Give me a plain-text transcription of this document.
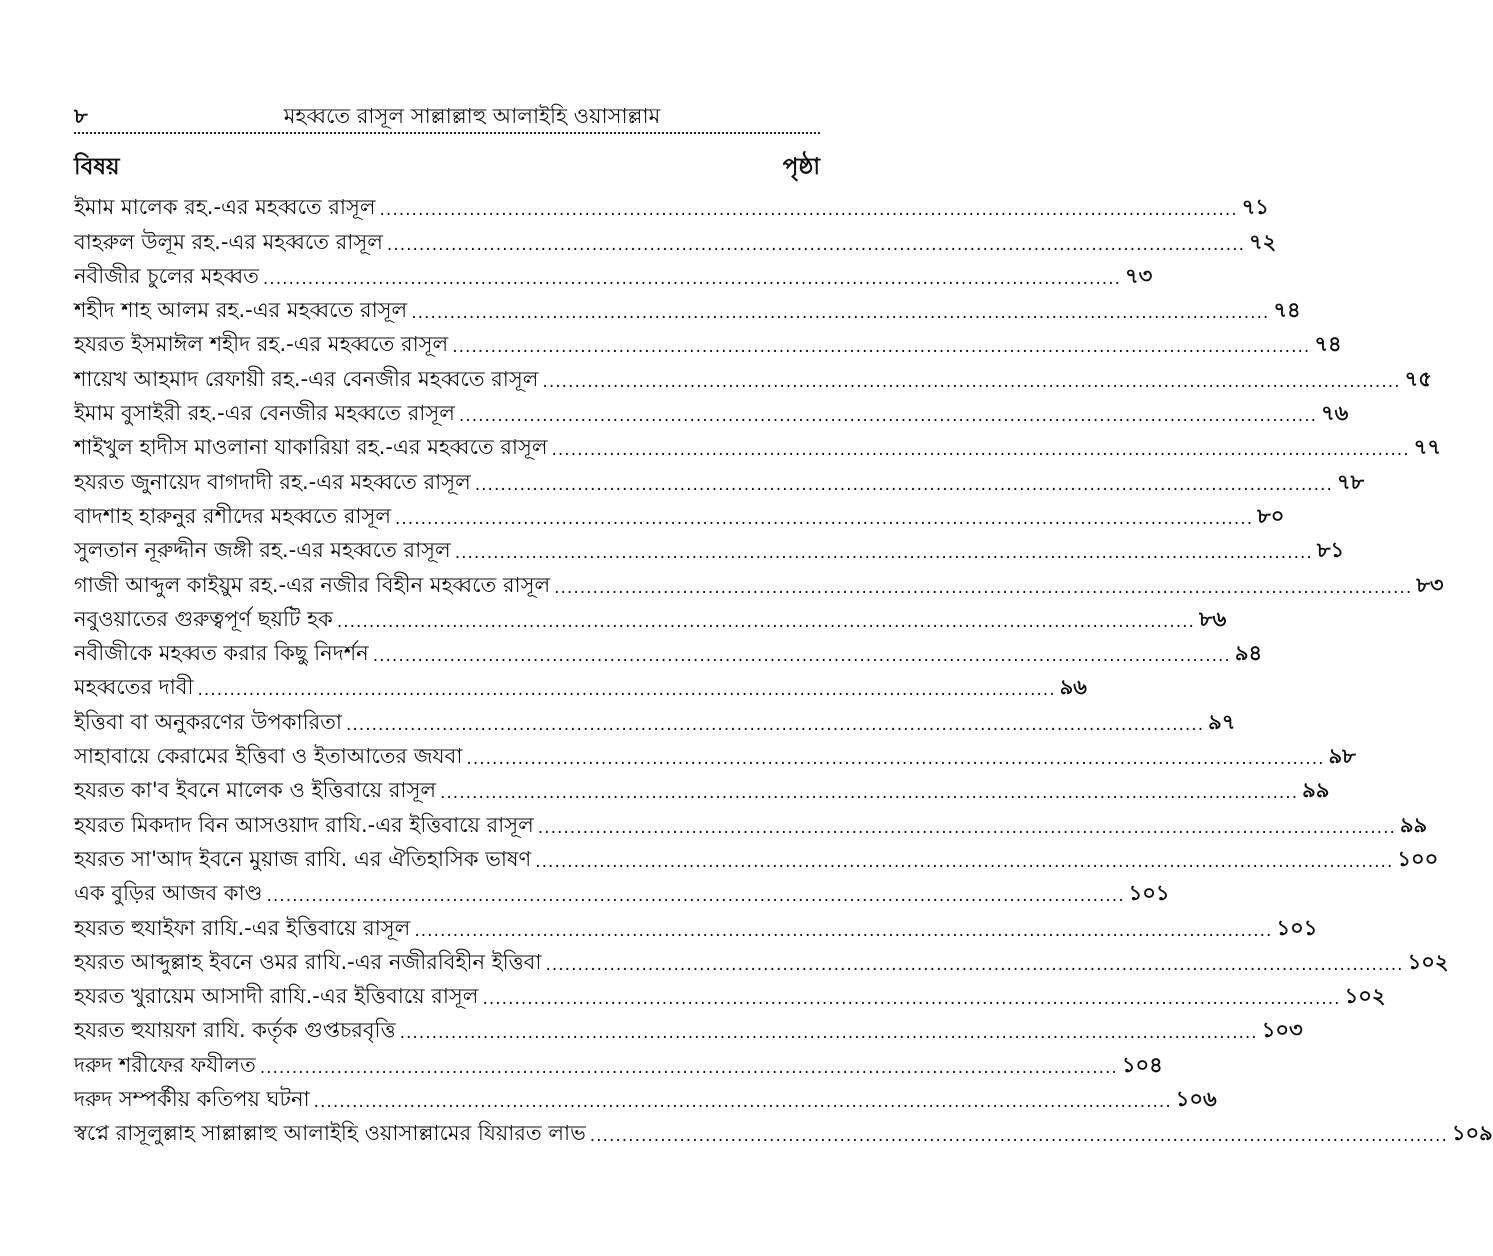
৮	মহব্বতে রাসূল সাল্লাল্লাহু আলাইহি ওয়াসাল্লাম
বিষয়	পৃষ্ঠা
ইমাম মালেক রহ.-এর মহব্বতে রাসূল .....	৭১
বাহরুল উলূম রহ.-এর মহব্বতে রাসূল .....	৭২
নবীজীর চুলের মহব্বত .....	৭৩
শহীদ শাহ আলম রহ.-এর মহব্বতে রাসূল .....	৭৪
হযরত ইসমাঈল শহীদ রহ.-এর মহব্বতে রাসূল .....	৭৪
শায়েখ আহমাদ রেফায়ী রহ.-এর বেনজীর মহব্বতে রাসূল .....	৭৫
ইমাম বুসাইরী রহ.-এর বেনজীর মহব্বতে রাসূল .....	৭৬
শাইখুল হাদীস মাওলানা যাকারিয়া রহ.-এর মহব্বতে রাসূল .....	৭৭
হযরত জুনায়েদ বাগদাদী রহ.-এর মহব্বতে রাসূল .....	৭৮
বাদশাহ হারুনুর রশীদের মহব্বতে রাসূল .....	৮০
সুলতান নূরুদ্দীন জঙ্গী রহ.-এর মহব্বতে রাসূল .....	৮১
গাজী আব্দুল কাইয়ুম রহ.-এর নজীর বিহীন মহব্বতে রাসূল .....	৮৩
নবুওয়াতের গুরুত্বপূর্ণ ছয়টি হক .....	৮৬
নবীজীকে মহব্বত করার কিছু নিদর্শন .....	৯৪
মহব্বতের দাবী .....	৯৬
ইত্তিবা বা অনুকরণের উপকারিতা .....	৯৭
সাহাবায়ে কেরামের ইত্তিবা ও ইতাআতের জযবা .....	৯৮
হযরত কা'ব ইবনে মালেক ও ইত্তিবায়ে রাসূল .....	৯৯
হযরত মিকদাদ বিন আসওয়াদ রাযি.-এর ইত্তিবায়ে রাসূল .....	৯৯
হযরত সা'আদ ইবনে মুয়াজ রাযি. এর ঐতিহাসিক ভাষণ .....	১০০
এক বুড়ির আজব কাণ্ড .....	১০১
হযরত হুযাইফা রাযি.-এর ইত্তিবায়ে রাসূল .....	১০১
হযরত আব্দুল্লাহ ইবনে ওমর রাযি.-এর নজীরবিহীন ইত্তিবা .....	১০২
হযরত খুরায়েম আসাদী রাযি.-এর ইত্তিবায়ে রাসূল .....	১০২
হযরত হুযায়ফা রাযি. কর্তৃক গুপ্তচরবৃত্তি .....	১০৩
দরুদ শরীফের ফযীলত .....	১০৪
দরুদ সম্পর্কীয় কতিপয় ঘটনা .....	১০৬
স্বপ্নে রাসূলুল্লাহ সাল্লাল্লাহু আলাইহি ওয়াসাল্লামের যিয়ারত লাভ .....	১০৯
